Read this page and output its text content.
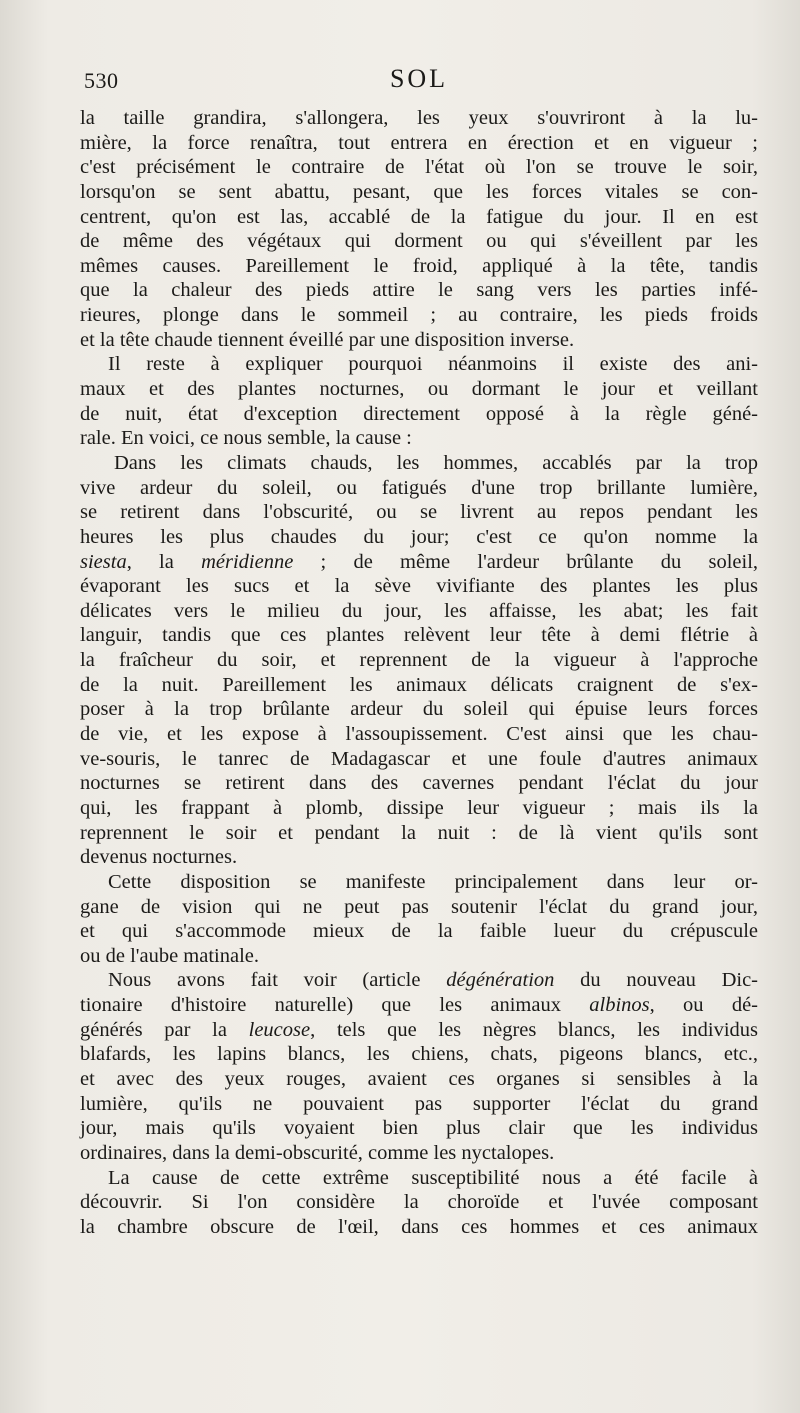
530	SOL
la taille grandira, s'allongera, les yeux s'ouvriront à la lu-
mière, la force renaîtra, tout entrera en érection et en vigueur ;
c'est précisément le contraire de l'état où l'on se trouve le soir,
lorsqu'on se sent abattu, pesant, que les forces vitales se con-
centrent, qu'on est las, accablé de la fatigue du jour. Il en est
de même des végétaux qui dorment ou qui s'éveillent par les
mêmes causes. Pareillement le froid, appliqué à la tête, tandis
que la chaleur des pieds attire le sang vers les parties infé-
rieures, plonge dans le sommeil ; au contraire, les pieds froids
et la tête chaude tiennent éveillé par une disposition inverse.
Il reste à expliquer pourquoi néanmoins il existe des ani-
maux et des plantes nocturnes, ou dormant le jour et veillant
de nuit, état d'exception directement opposé à la règle géné-
rale. En voici, ce nous semble, la cause :
Dans les climats chauds, les hommes, accablés par la trop
vive ardeur du soleil, ou fatigués d'une trop brillante lumière,
se retirent dans l'obscurité, ou se livrent au repos pendant les
heures les plus chaudes du jour; c'est ce qu'on nomme la
siesta, la méridienne ; de même l'ardeur brûlante du soleil,
évaporant les sucs et la sève vivifiante des plantes les plus
délicates vers le milieu du jour, les affaisse, les abat; les fait
languir, tandis que ces plantes relèvent leur tête à demi flétrie à
la fraîcheur du soir, et reprennent de la vigueur à l'approche
de la nuit. Pareillement les animaux délicats craignent de s'ex-
poser à la trop brûlante ardeur du soleil qui épuise leurs forces
de vie, et les expose à l'assoupissement. C'est ainsi que les chau-
ve-souris, le tanrec de Madagascar et une foule d'autres animaux
nocturnes se retirent dans des cavernes pendant l'éclat du jour
qui, les frappant à plomb, dissipe leur vigueur ; mais ils la
reprennent le soir et pendant la nuit : de là vient qu'ils sont
devenus nocturnes.
Cette disposition se manifeste principalement dans leur or-
gane de vision qui ne peut pas soutenir l'éclat du grand jour,
et qui s'accommode mieux de la faible lueur du crépuscule
ou de l'aube matinale.
Nous avons fait voir (article dégénération du nouveau Dic-
tionaire d'histoire naturelle) que les animaux albinos, ou dé-
générés par la leucose, tels que les nègres blancs, les individus
blafards, les lapins blancs, les chiens, chats, pigeons blancs, etc.,
et avec des yeux rouges, avaient ces organes si sensibles à la
lumière, qu'ils ne pouvaient pas supporter l'éclat du grand
jour, mais qu'ils voyaient bien plus clair que les individus
ordinaires, dans la demi-obscurité, comme les nyctalopes.
La cause de cette extrême susceptibilité nous a été facile à
découvrir. Si l'on considère la choroïde et l'uvée composant
la chambre obscure de l'œil, dans ces hommes et ces animaux
